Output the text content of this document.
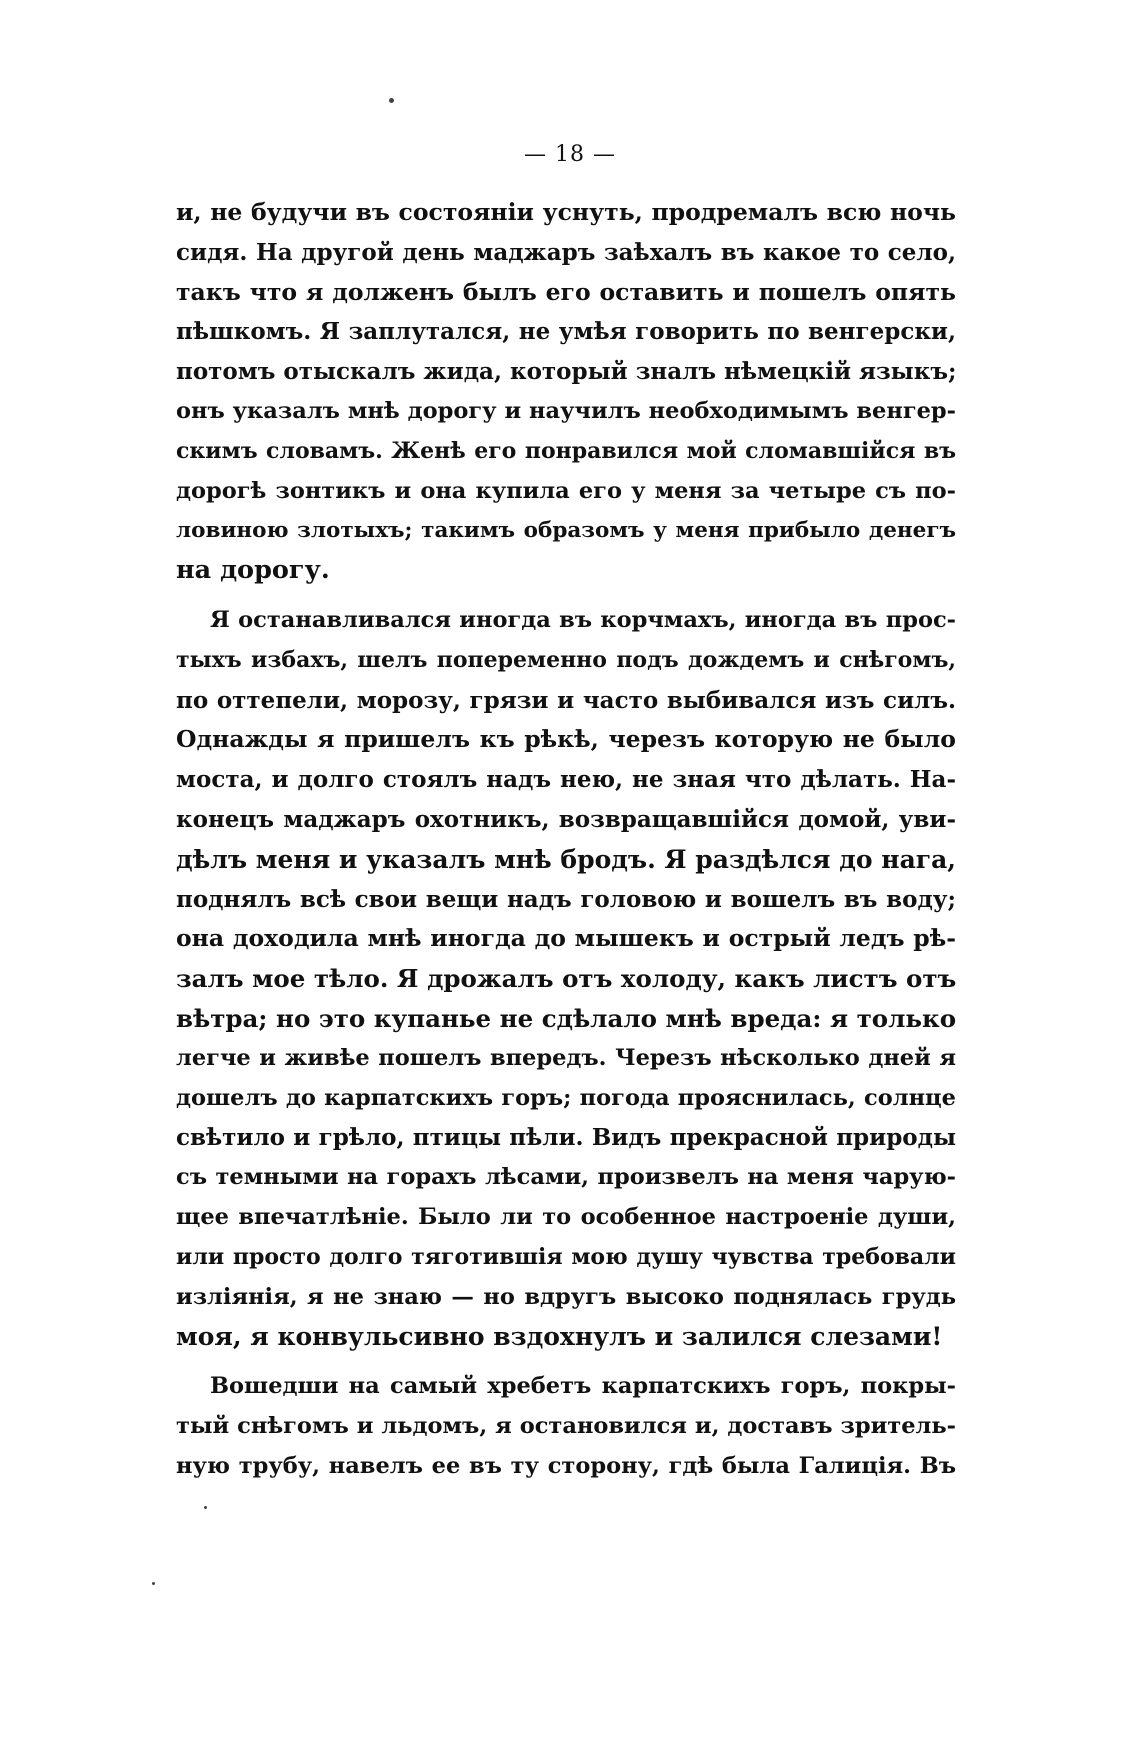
— 18 —
и, не будучи въ состояніи уснуть, продремалъ всю ночь
сидя. На другой день маджаръ заѣхалъ въ какое то село,
такъ что я долженъ былъ его оставить и пошелъ опять
пѣшкомъ. Я заплутался, не умѣя говорить по венгерски,
потомъ отыскалъ жида, который зналъ нѣмецкій языкъ;
онъ указалъ мнѣ дорогу и научилъ необходимымъ венгер-
скимъ словамъ. Женѣ его понравился мой сломавшійся въ
дорогѣ зонтикъ и она купила его у меня за четыре съ по-
ловиною злотыхъ; такимъ образомъ у меня прибыло денегъ
на дорогу.
Я останавливался иногда въ корчмахъ, иногда въ прос-
тыхъ избахъ, шелъ попеременно подъ дождемъ и снѣгомъ,
по оттепели, морозу, грязи и часто выбивался изъ силъ.
Однажды я пришелъ къ рѣкѣ, черезъ которую не было
моста, и долго стоялъ надъ нею, не зная что дѣлать. На-
конецъ маджаръ охотникъ, возвращавшійся домой, уви-
дѣлъ меня и указалъ мнѣ бродъ. Я раздѣлся до нага,
поднялъ всѣ свои вещи надъ головою и вошелъ въ воду;
она доходила мнѣ иногда до мышекъ и острый ледъ рѣ-
залъ мое тѣло. Я дрожалъ отъ холоду, какъ листъ отъ
вѣтра; но это купанье не сдѣлало мнѣ вреда: я только
легче и живѣе пошелъ впередъ. Черезъ нѣсколько дней я
дошелъ до карпатскихъ горъ; погода прояснилась, солнце
свѣтило и грѣло, птицы пѣли. Видъ прекрасной природы
съ темными на горахъ лѣсами, произвелъ на меня чарую-
щее впечатлѣніе. Было ли то особенное настроеніе души,
или просто долго тяготившія мою душу чувства требовали
изліянія, я не знаю — но вдругъ высоко поднялась грудь
моя, я конвульсивно вздохнулъ и залился слезами!
Вошедши на самый хребетъ карпатскихъ горъ, покры-
тый снѣгомъ и льдомъ, я остановился и, доставъ зритель-
ную трубу, навелъ ее въ ту сторону, гдѣ была Галиція. Въ
